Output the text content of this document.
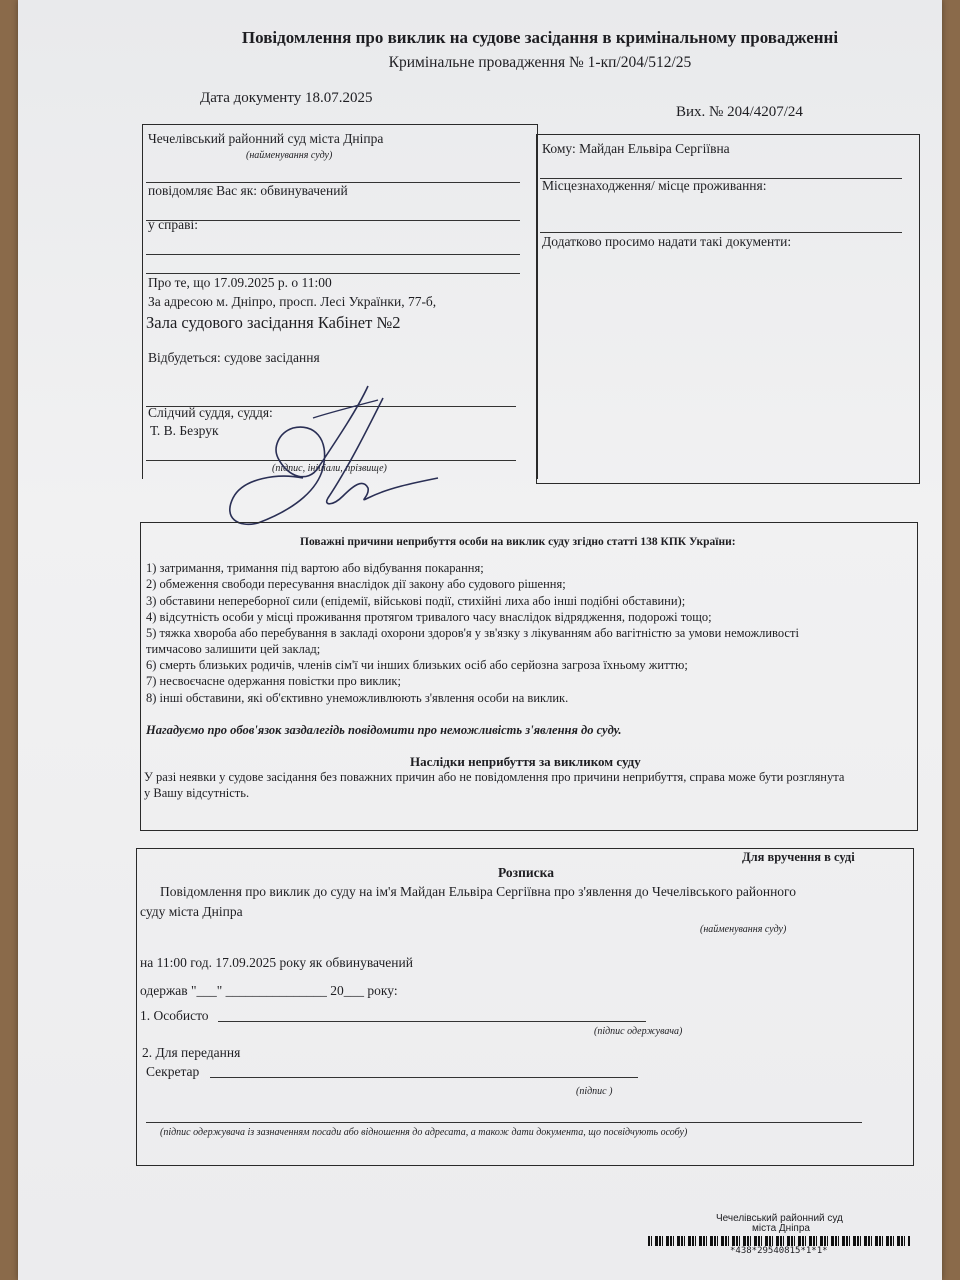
Повідомлення про виклик на судове засідання в кримінальному провадженні
Кримінальне провадження № 1-кп/204/512/25
Дата документу 18.07.2025
Вих. № 204/4207/24
Чечелівський районний суд міста Дніпра
(найменування суду)
повідомляє Вас як: обвинувачений
у справі:
Про те, що 17.09.2025 р. о 11:00
За адресою м. Дніпро, просп. Лесі Українки, 77-б,
Зала судового засідання Кабінет №2
Відбудеться: судове засідання
Слідчий суддя, суддя:
Т. В. Безрук
(підпис, ініціали, прізвище)
Кому: Майдан Ельвіра Сергіївна
Місцезнаходження/ місце проживання:
Додатково просимо надати такі документи:
Поважні причини неприбуття особи на виклик суду згідно статті 138 КПК України:
1) затримання, тримання під вартою або відбування покарання;
2) обмеження свободи пересування внаслідок дії закону або судового рішення;
3) обставини непереборної сили (епідемії, військові події, стихійні лиха або інші подібні обставини);
4) відсутність особи у місці проживання протягом тривалого часу внаслідок відрядження, подорожі тощо;
5) тяжка хвороба або перебування в закладі охорони здоров'я у зв'язку з лікуванням або вагітністю за умови неможливості
тимчасово залишити цей заклад;
6) смерть близьких родичів, членів сім'ї чи інших близьких осіб або серйозна загроза їхньому життю;
7) несвоєчасне одержання повістки про виклик;
8) інші обставини, які об'єктивно унеможливлюють з'явлення особи на виклик.
Нагадуємо про обов'язок заздалегідь повідомити про неможливість з'явлення до суду.
Наслідки неприбуття за викликом суду
У разі неявки у судове засідання без поважних причин або не повідомлення про причини неприбуття, справа може бути розглянута
у Вашу відсутність.
Для вручення в суді
Розписка
Повідомлення про виклик до суду на ім'я Майдан Ельвіра Сергіївна про з'явлення до Чечелівського районного
суду міста Дніпра
(найменування суду)
на 11:00 год. 17.09.2025 року як обвинувачений
одержав "___" _______________ 20___ року:
1. Особисто
(підпис одержувача)
2. Для передання
Секретар
(підпис )
(підпис одержувача із зазначенням посади або відношення до адресата, а також дати документа, що посвідчують особу)
Чечелівський районний суд
міста Дніпра
*438*29540815*1*1*
